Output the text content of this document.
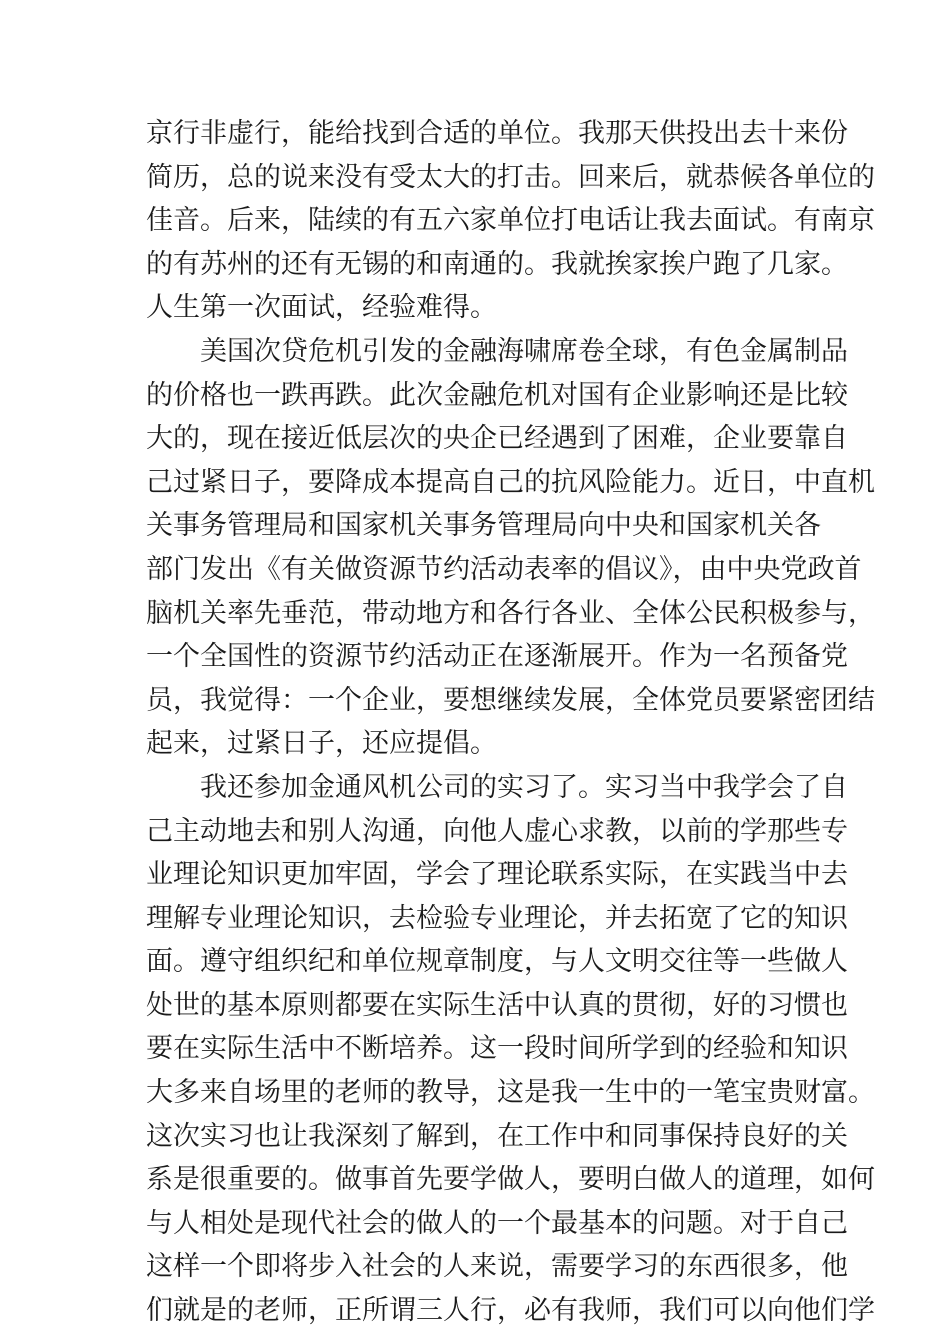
京行非虚行，能给找到合适的单位。我那天供投出去十来份
简历，总的说来没有受太大的打击。回来后，就恭候各单位的
佳音。后来，陆续的有五六家单位打电话让我去面试。有南京
的有苏州的还有无锡的和南通的。我就挨家挨户跑了几家。
人生第一次面试，经验难得。
美国次贷危机引发的金融海啸席卷全球，有色金属制品
的价格也一跌再跌。此次金融危机对国有企业影响还是比较
大的，现在接近低层次的央企已经遇到了困难，企业要靠自
己过紧日子，要降成本提高自己的抗风险能力。近日，中直机
关事务管理局和国家机关事务管理局向中央和国家机关各
部门发出《有关做资源节约活动表率的倡议》，由中央党政首
脑机关率先垂范，带动地方和各行各业、全体公民积极参与，
一个全国性的资源节约活动正在逐渐展开。作为一名预备党
员，我觉得：一个企业，要想继续发展，全体党员要紧密团结
起来，过紧日子，还应提倡。
我还参加金通风机公司的实习了。实习当中我学会了自
己主动地去和别人沟通，向他人虚心求教，以前的学那些专
业理论知识更加牢固，学会了理论联系实际，在实践当中去
理解专业理论知识，去检验专业理论，并去拓宽了它的知识
面。遵守组织纪和单位规章制度，与人文明交往等一些做人
处世的基本原则都要在实际生活中认真的贯彻，好的习惯也
要在实际生活中不断培养。这一段时间所学到的经验和知识
大多来自场里的老师的教导，这是我一生中的一笔宝贵财富。
这次实习也让我深刻了解到，在工作中和同事保持良好的关
系是很重要的。做事首先要学做人，要明白做人的道理，如何
与人相处是现代社会的做人的一个最基本的问题。对于自己
这样一个即将步入社会的人来说，需要学习的东西很多，他
们就是的老师，正所谓三人行，必有我师，我们可以向他们学
